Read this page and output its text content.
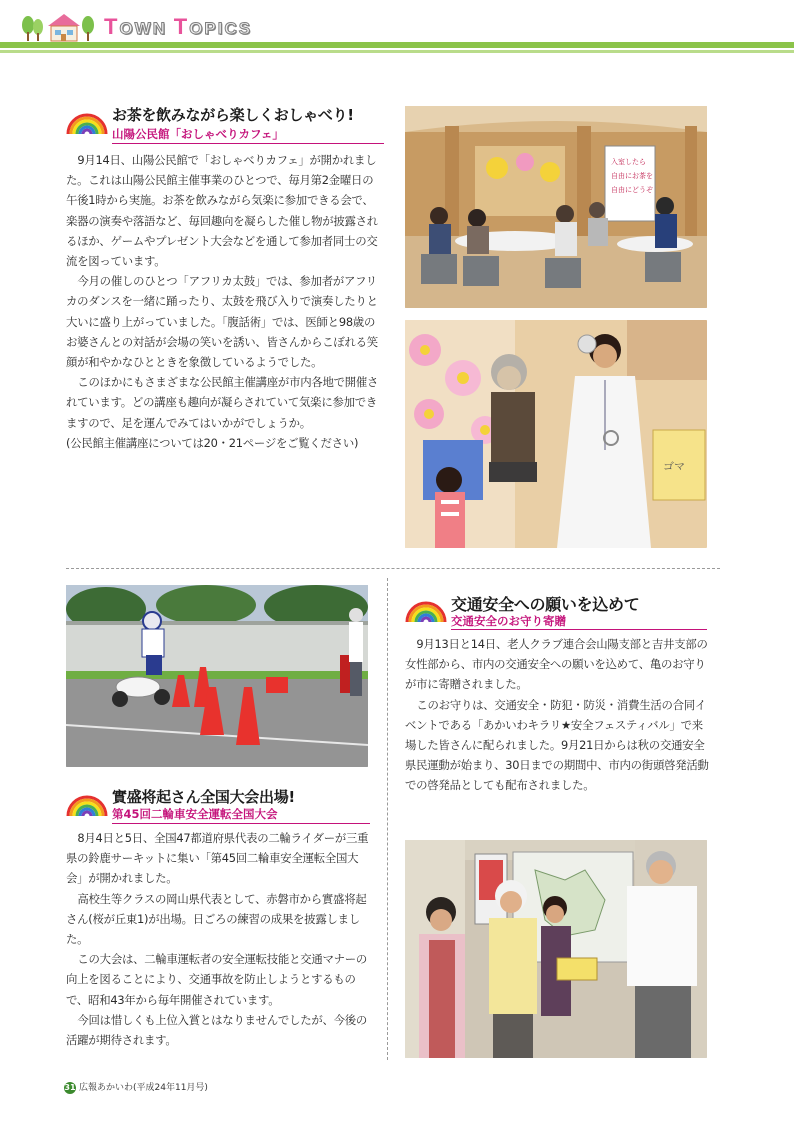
TOWN TOPICS
お茶を飲みながら楽しくおしゃべり!
山陽公民館「おしゃべりカフェ」

9月14日、山陽公民館で「おしゃべりカフェ」が開かれました。これは山陽公民館主催事業のひとつで、毎月第2金曜日の午後1時から実施。お茶を飲みながら気楽に参加できる会で、楽器の演奏や落語など、毎回趣向を凝らした催し物が披露されるほか、ゲームやプレゼント大会などを通して参加者同士の交流を図っています。

今月の催しのひとつ「アフリカ太鼓」では、参加者がアフリカのダンスを一緒に踊ったり、太鼓を飛び入りで演奏したりと大いに盛り上がっていました。「腹話術」では、医師と98歳のお婆さんとの対話が会場の笑いを誘い、皆さんからこぼれる笑顔が和やかなひとときを象徴しているようでした。

このほかにもさまざまな公民館主催講座が市内各地で開催されています。どの講座も趣向が凝らされていて気楽に参加できますので、足を運んでみてはいかがでしょうか。

(公民館主催講座については20・21ページをご覧ください)

入室したら
自由にお茶を
自由にどうぞ
ゴマ
實盛将起さん全国大会出場!
第45回二輪車安全運転全国大会

8月4日と5日、全国47都道府県代表の二輪ライダーが三重県の鈴鹿サーキットに集い「第45回二輪車安全運転全国大会」が開かれました。

高校生等クラスの岡山県代表として、赤磐市から實盛将起さん(桜が丘東1)が出場。日ごろの練習の成果を披露しました。

この大会は、二輪車運転者の安全運転技能と交通マナーの向上を図ることにより、交通事故を防止しようとするもので、昭和43年から毎年開催されています。

今回は惜しくも上位入賞とはなりませんでしたが、今後の活躍が期待されます。

交通安全への願いを込めて
交通安全のお守り寄贈

9月13日と14日、老人クラブ連合会山陽支部と吉井支部の女性部から、市内の交通安全への願いを込めて、亀のお守りが市に寄贈されました。

このお守りは、交通安全・防犯・防災・消費生活の合同イベントである「あかいわキラリ★安全フェスティバル」で来場した皆さんに配られました。9月21日からは秋の交通安全県民運動が始まり、30日までの期間中、市内の街頭啓発活動での啓発品としても配布されました。

31 広報あかいわ(平成24年11月号)
